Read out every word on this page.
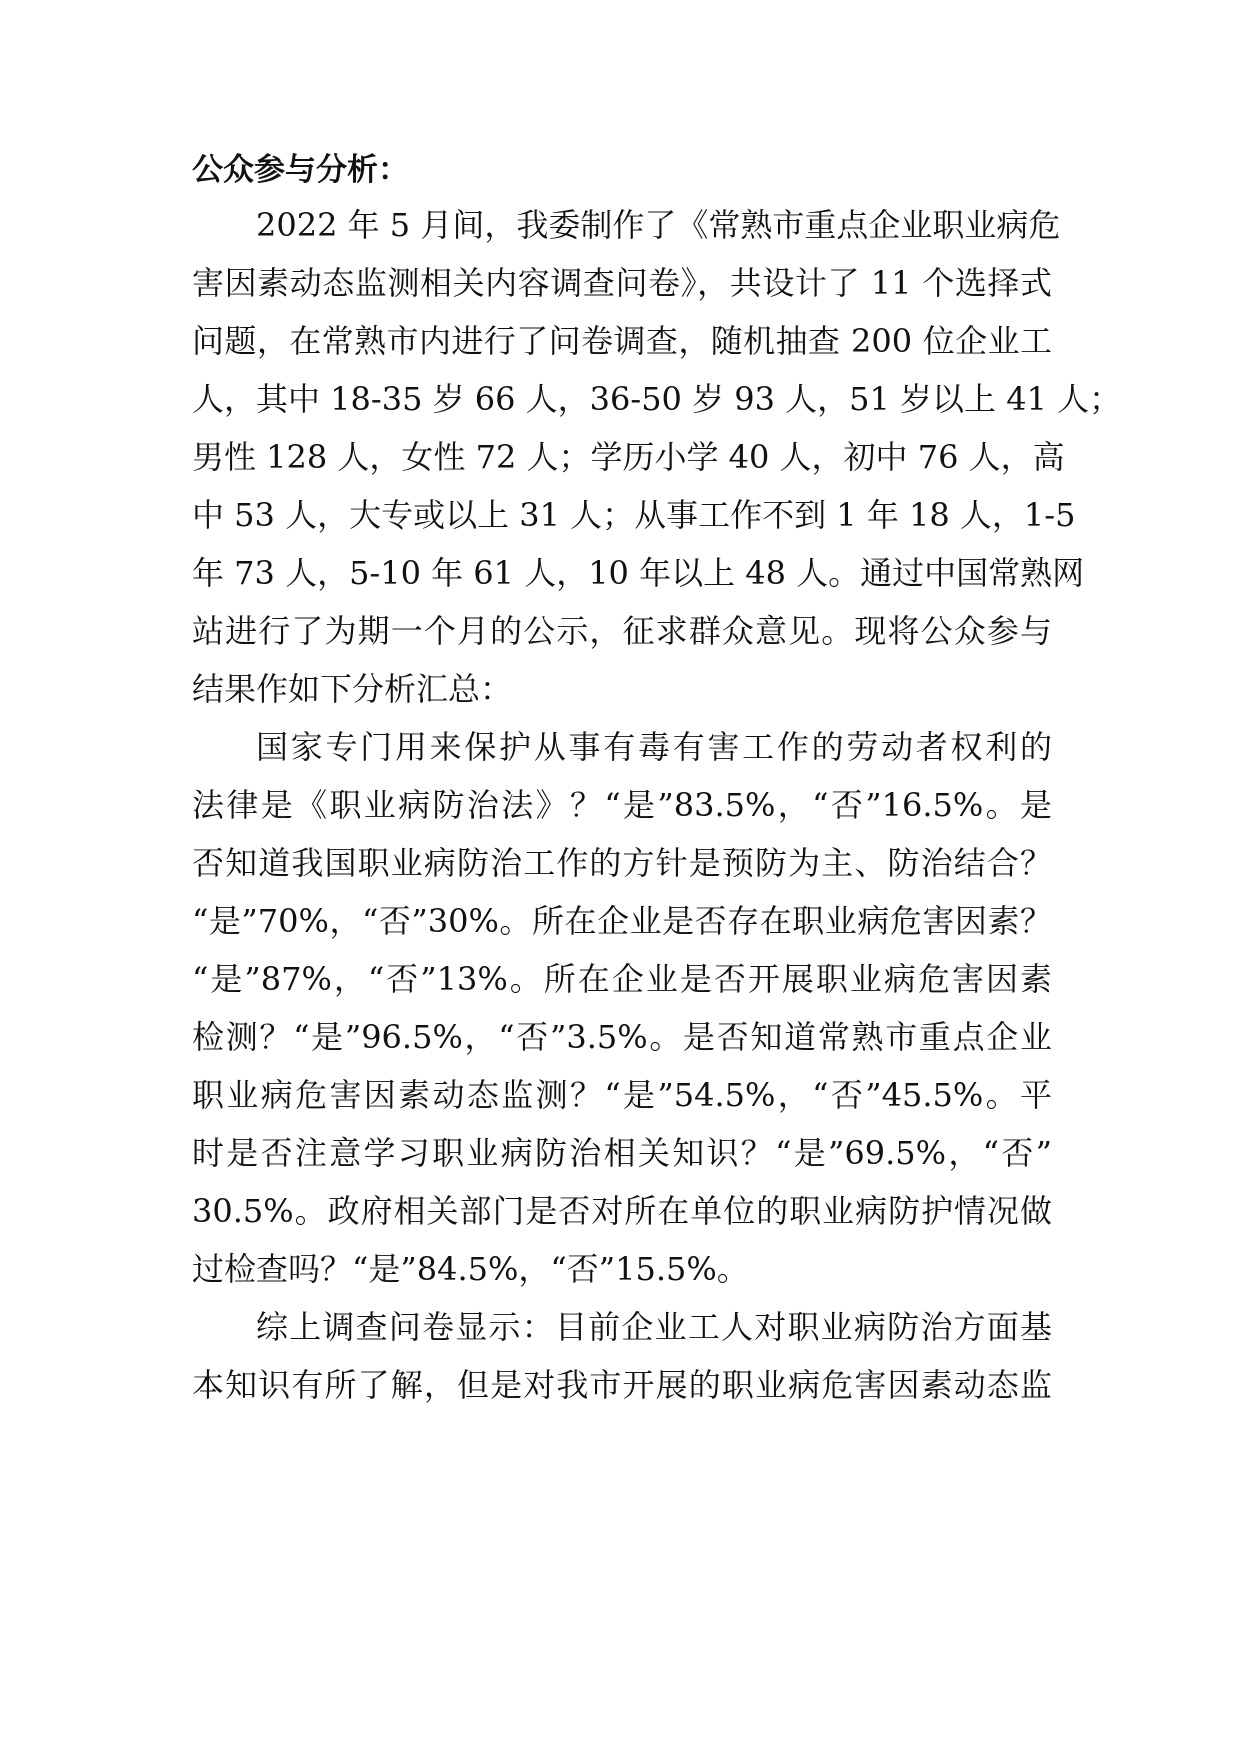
公众参与分析：
2022 年 5 月间，我委制作了《常熟市重点企业职业病危
害因素动态监测相关内容调查问卷》，共设计了 11 个选择式
问题，在常熟市内进行了问卷调查，随机抽查 200 位企业工
人，其中 18-35 岁 66 人，36-50 岁 93 人，51 岁以上 41 人；
男性 128 人，女性 72 人；学历小学 40 人，初中 76 人，高
中 53 人，大专或以上 31 人；从事工作不到 1 年 18 人，1-5
年 73 人，5-10 年 61 人，10 年以上 48 人。通过中国常熟网
站进行了为期一个月的公示，征求群众意见。现将公众参与
结果作如下分析汇总：
国家专门用来保护从事有毒有害工作的劳动者权利的
法律是《职业病防治法》？“是”83.5%，“否”16.5%。是
否知道我国职业病防治工作的方针是预防为主、防治结合？
“是”70%，“否”30%。所在企业是否存在职业病危害因素？
“是”87%，“否”13%。所在企业是否开展职业病危害因素
检测？“是”96.5%，“否”3.5%。是否知道常熟市重点企业
职业病危害因素动态监测？“是”54.5%，“否”45.5%。平
时是否注意学习职业病防治相关知识？“是”69.5%，“否”
30.5%。政府相关部门是否对所在单位的职业病防护情况做
过检查吗？“是”84.5%，“否”15.5%。
综上调查问卷显示：目前企业工人对职业病防治方面基
本知识有所了解，但是对我市开展的职业病危害因素动态监
